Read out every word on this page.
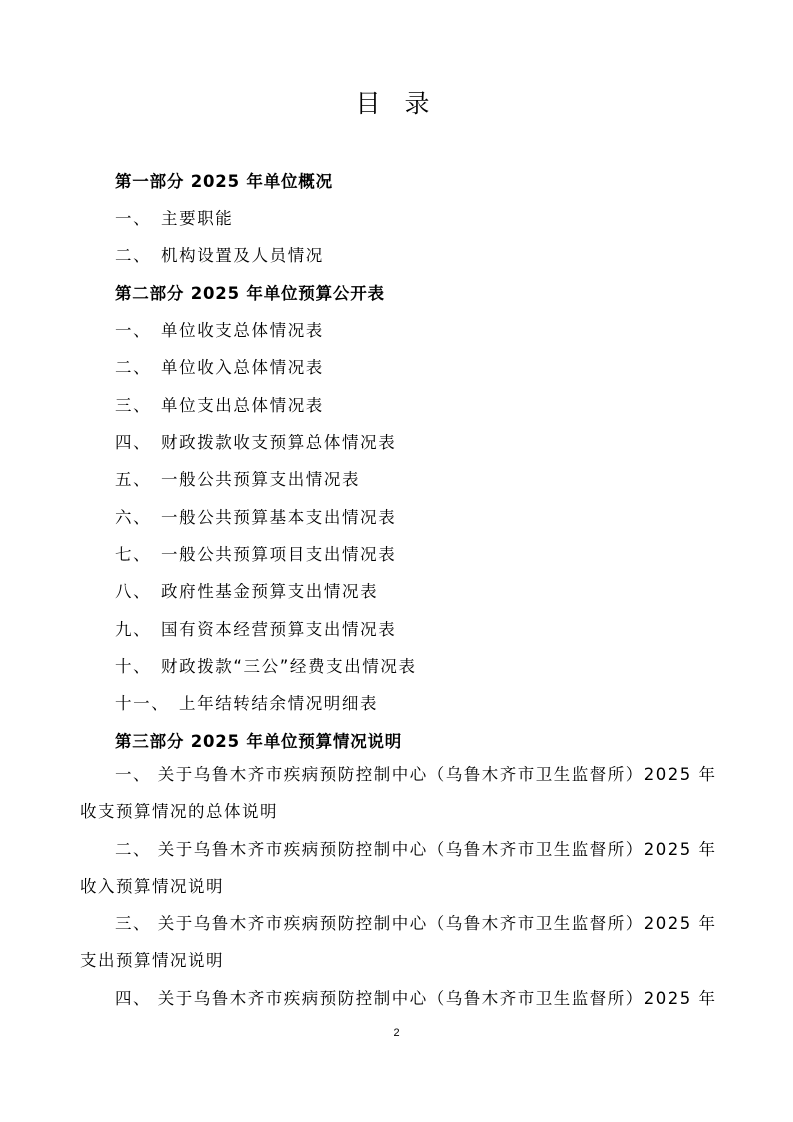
目 录
第一部分 2025 年单位概况
一、 主要职能
二、 机构设置及人员情况
第二部分 2025 年单位预算公开表
一、 单位收支总体情况表
二、 单位收入总体情况表
三、 单位支出总体情况表
四、 财政拨款收支预算总体情况表
五、 一般公共预算支出情况表
六、 一般公共预算基本支出情况表
七、 一般公共预算项目支出情况表
八、 政府性基金预算支出情况表
九、 国有资本经营预算支出情况表
十、 财政拨款“三公”经费支出情况表
十一、 上年结转结余情况明细表
第三部分 2025 年单位预算情况说明
一、 关于乌鲁木齐市疾病预防控制中心（乌鲁木齐市卫生监督所）2025 年收支预算情况的总体说明
二、 关于乌鲁木齐市疾病预防控制中心（乌鲁木齐市卫生监督所）2025 年收入预算情况说明
三、 关于乌鲁木齐市疾病预防控制中心（乌鲁木齐市卫生监督所）2025 年支出预算情况说明
四、 关于乌鲁木齐市疾病预防控制中心（乌鲁木齐市卫生监督所）2025 年
2
